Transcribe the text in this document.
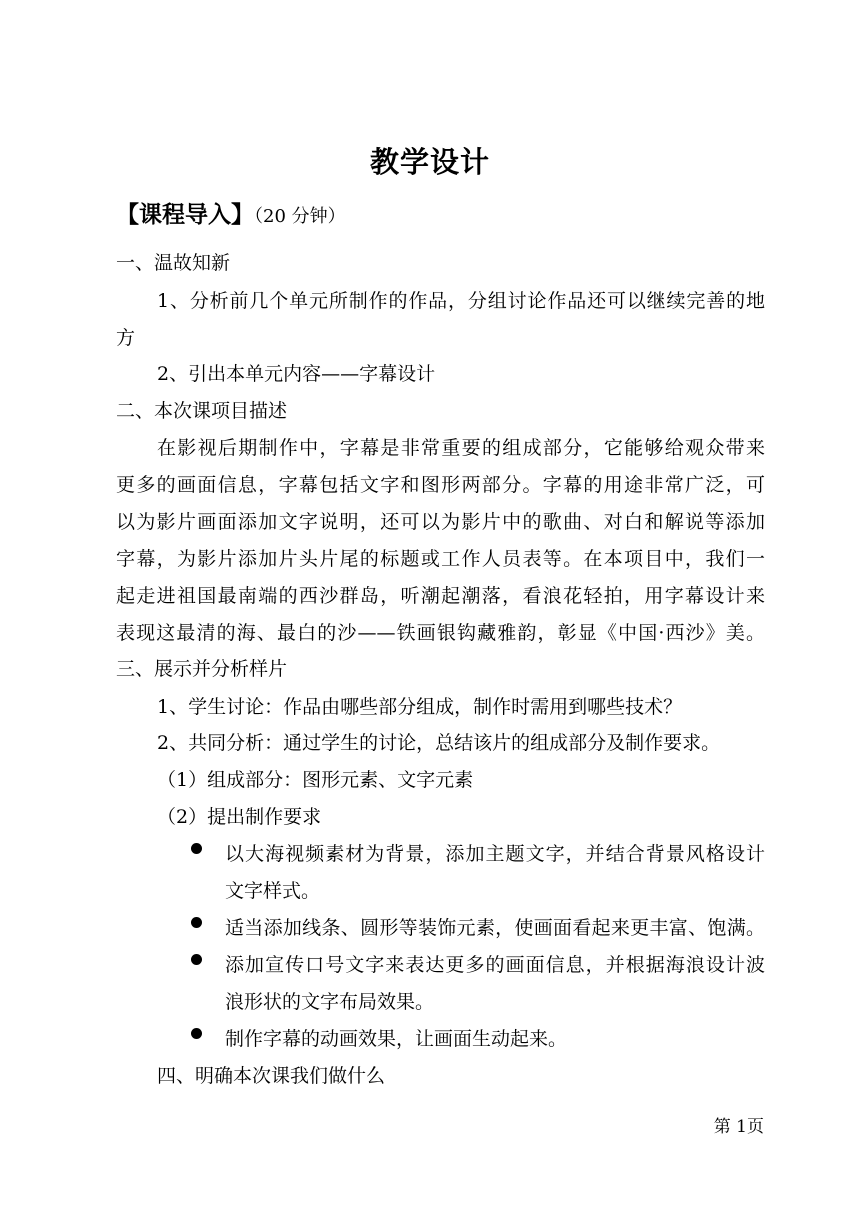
教学设计
【课程导入】（20 分钟）
一、温故知新
1、分析前几个单元所制作的作品，分组讨论作品还可以继续完善的地
方
2、引出本单元内容——字幕设计
二、本次课项目描述
在影视后期制作中，字幕是非常重要的组成部分，它能够给观众带来
更多的画面信息，字幕包括文字和图形两部分。字幕的用途非常广泛，可
以为影片画面添加文字说明，还可以为影片中的歌曲、对白和解说等添加
字幕，为影片添加片头片尾的标题或工作人员表等。在本项目中，我们一
起走进祖国最南端的西沙群岛，听潮起潮落，看浪花轻拍，用字幕设计来
表现这最清的海、最白的沙——铁画银钩藏雅韵，彰显《中国·西沙》美。
三、展示并分析样片
1、学生讨论：作品由哪些部分组成，制作时需用到哪些技术？
2、共同分析：通过学生的讨论，总结该片的组成部分及制作要求。
（1）组成部分：图形元素、文字元素
（2）提出制作要求
以大海视频素材为背景，添加主题文字，并结合背景风格设计
文字样式。
适当添加线条、圆形等装饰元素，使画面看起来更丰富、饱满。
添加宣传口号文字来表达更多的画面信息，并根据海浪设计波
浪形状的文字布局效果。
制作字幕的动画效果，让画面生动起来。
四、明确本次课我们做什么
第 1页
